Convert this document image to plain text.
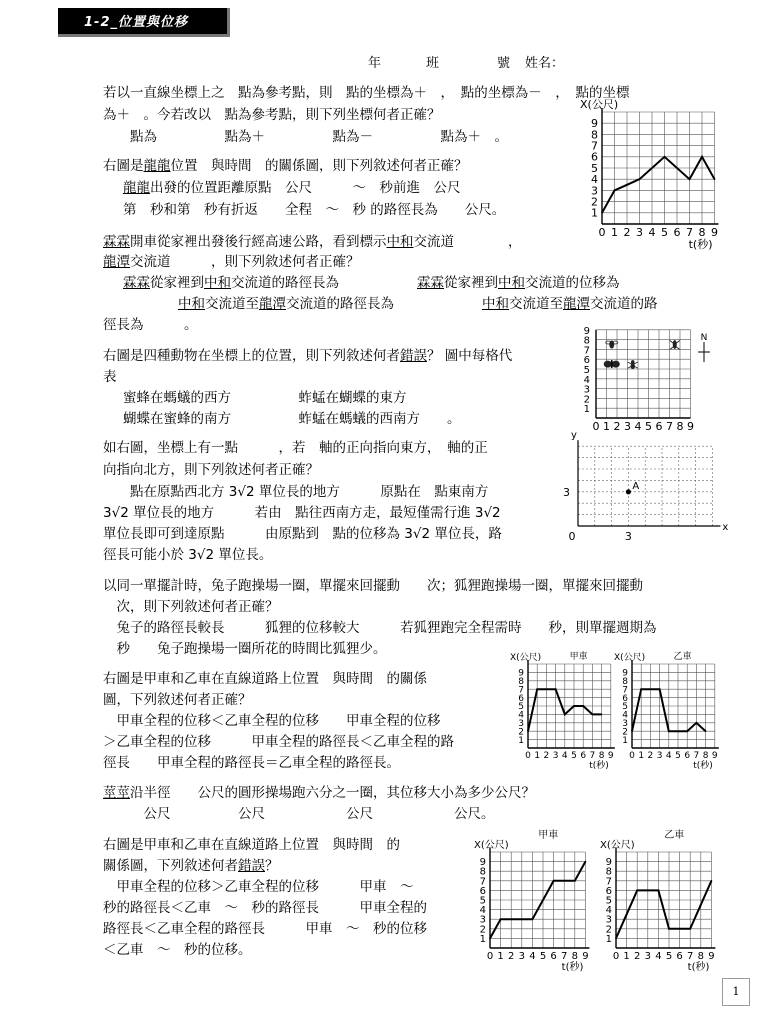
1-2_位置與位移
年	班	號 姓名：
若以一直線坐標上之　點為參考點，則　點的坐標為＋　，　點的坐標為－　，　點的坐標
為＋　。今若改以　點為參考點，則下列坐標何者正確？
　　點為　　　　　點為＋　　　　　點為－　　　　　點為＋　。
右圖是龍龍位置　與時間　的關係圖，則下列敘述何者正確？
龍龍出發的位置距離原點　公尺　　　～　秒前進　公尺
第　秒和第　秒有折返　　全程　～　秒 的路徑長為　　公尺。
霖霖開車從家裡出發後行經高速公路，看到標示中和交流道　　　　，
龍潭交流道　　　，則下列敘述何者正確？
霖霖從家裡到中和交流道的路徑長為	霖霖從家裡到中和交流道的位移為
中和交流道至龍潭交流道的路徑長為	中和交流道至龍潭交流道的路
徑長為　　　。
右圖是四種動物在坐標上的位置，則下列敘述何者錯誤？ 圖中每格代
表
蜜蜂在螞蟻的西方　　　　　蚱蜢在蝴蝶的東方
蝴蝶在蜜蜂的南方　　　　　蚱蜢在螞蟻的西南方　　。
如右圖，坐標上有一點　　　，若　軸的正向指向東方，　軸的正
向指向北方，則下列敘述何者正確？
　　點在原點西北方 3√2 單位長的地方　　　原點在　點東南方
3√2 單位長的地方　　　若由　點往西南方走，最短僅需行進 3√2
單位長即可到達原點　　　由原點到　點的位移為 3√2 單位長，路
徑長可能小於 3√2 單位長。
以同一單擺計時，兔子跑操場一圈，單擺來回擺動　　次；狐狸跑操場一圈，單擺來回擺動
　次，則下列敘述何者正確？
　兔子的路徑長較長　　　狐狸的位移較大　　　若狐狸跑完全程需時　　秒，則單擺週期為
　秒　　兔子跑操場一圈所花的時間比狐狸少。
右圖是甲車和乙車在直線道路上位置　與時間　的關係
圖，下列敘述何者正確？
　甲車全程的位移＜乙車全程的位移　　甲車全程的位移
＞乙車全程的位移　　　甲車全程的路徑長＜乙車全程的路
徑長　　甲車全程的路徑長＝乙車全程的路徑長。
莖莖沿半徑　　公尺的圓形操場跑六分之一圈，其位移大小為多少公尺？
　　　公尺　　　　　公尺　　　　　　公尺　　　　　　公尺。
右圖是甲車和乙車在直線道路上位置　與時間　的
關係圖，下列敘述何者錯誤？
　甲車全程的位移＞乙車全程的位移　　　甲車　～
秒的路徑長＜乙車　～　秒的路徑長　　　甲車全程的
路徑長＜乙車全程的路徑長　　　甲車　～　秒的位移
＜乙車　～　秒的位移。
0 1 2 3 4 5 6 7 8 9
1
2
3
4
5
6
7
8
9
X(公尺)
t(秒)
0 1 2 3 4 5 6 7 8 9
1
2
3
4
5
6
7
8
9
N
x
y
0	3
3	A
0 1 2 3 4 5 6 7 8 9
1
2
3
4
5
6
7
8
9
X(公尺)
t(秒)
甲車
0 1 2 3 4 5 6 7 8 9
1
2
3
4
5
6
7
8
9
X(公尺)
t(秒)
乙車
0 1 2 3 4 5 6 7 8 9
1
2
3
4
5
6
7
8
9
X(公尺)
t(秒)
甲車
0 1 2 3 4 5 6 7 8 9
1
2
3
4
5
6
7
8
9
X(公尺)
t(秒)
乙車
1
